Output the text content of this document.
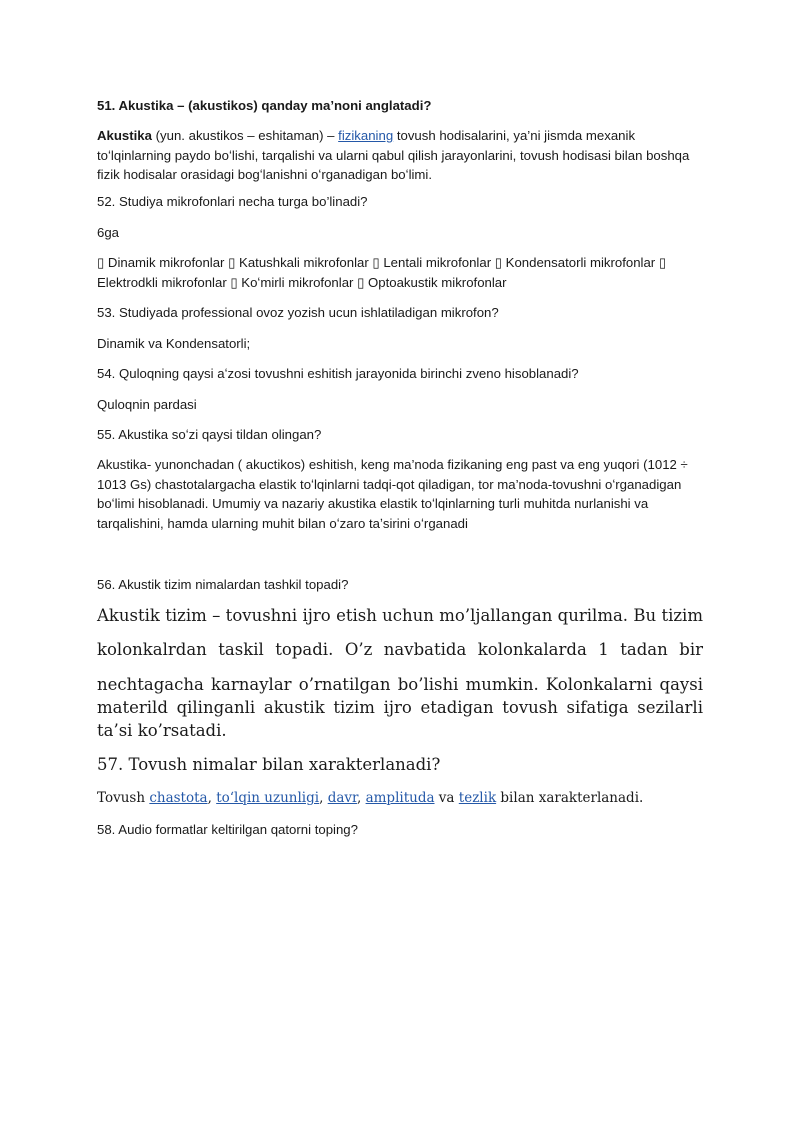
51. Akustika – (akustikos) qanday ma’noni anglatadi?

Akustika (yun. akustikos – eshitaman) – fizikaning tovush hodisalarini, ya’ni jismda mexanik toʻlqinlarning paydo boʻlishi, tarqalishi va ularni qabul qilish jarayonlarini, tovush hodisasi bilan boshqa fizik hodisalar orasidagi bogʻlanishni oʻrganadigan boʻlimi.

52. Studiya mikrofonlari necha turga bo’linadi?

6ga

▯ Dinamik mikrofonlar ▯ Katushkali mikrofonlar ▯ Lentali mikrofonlar ▯ Kondensatorli mikrofonlar ▯

Elektrodkli mikrofonlar ▯ Koʻmirli mikrofonlar ▯ Optoakustik mikrofonlar

53. Studiyada professional ovoz yozish ucun ishlatiladigan mikrofon?

Dinamik va Kondensatorli;

54. Quloqning qaysi aʻzosi tovushni eshitish jarayonida birinchi zveno hisoblanadi?

Quloqnin pardasi

55. Akustika soʻzi qaysi tildan olingan?

Akustika- yunonchadan ( akuctikos) eshitish, keng ma’noda fizikaning eng past va eng yuqori (1012 ÷ 1013 Gs) chastotalargacha elastik toʻlqinlarni tadqi-qot qiladigan, tor ma’noda-tovushni oʻrganadigan boʻlimi hisoblanadi. Umumiy va nazariy akustika elastik toʻlqinlarning turli muhitda nurlanishi va tarqalishini, hamda ularning muhit bilan oʻzaro taʼsirini oʻrganadi

56. Akustik tizim nimalardan tashkil topadi?

Akustik tizim – tovushni ijro etish uchun mo’ljallangan qurilma. Bu tizim

kolonkalrdan taskil topadi. O’z navbatida kolonkalarda 1 tadan bir

nechtagacha karnaylar o’rnatilgan bo’lishi mumkin. Kolonkalarni qaysi materild qilinganli akustik tizim ijro etadigan tovush sifatiga sezilarli ta’si ko’rsatadi.

57. Tovush nimalar bilan xarakterlanadi?

Tovush chastota, toʻlqin uzunligi, davr, amplituda va tezlik bilan xarakterlanadi.

58. Audio formatlar keltirilgan qatorni toping?
